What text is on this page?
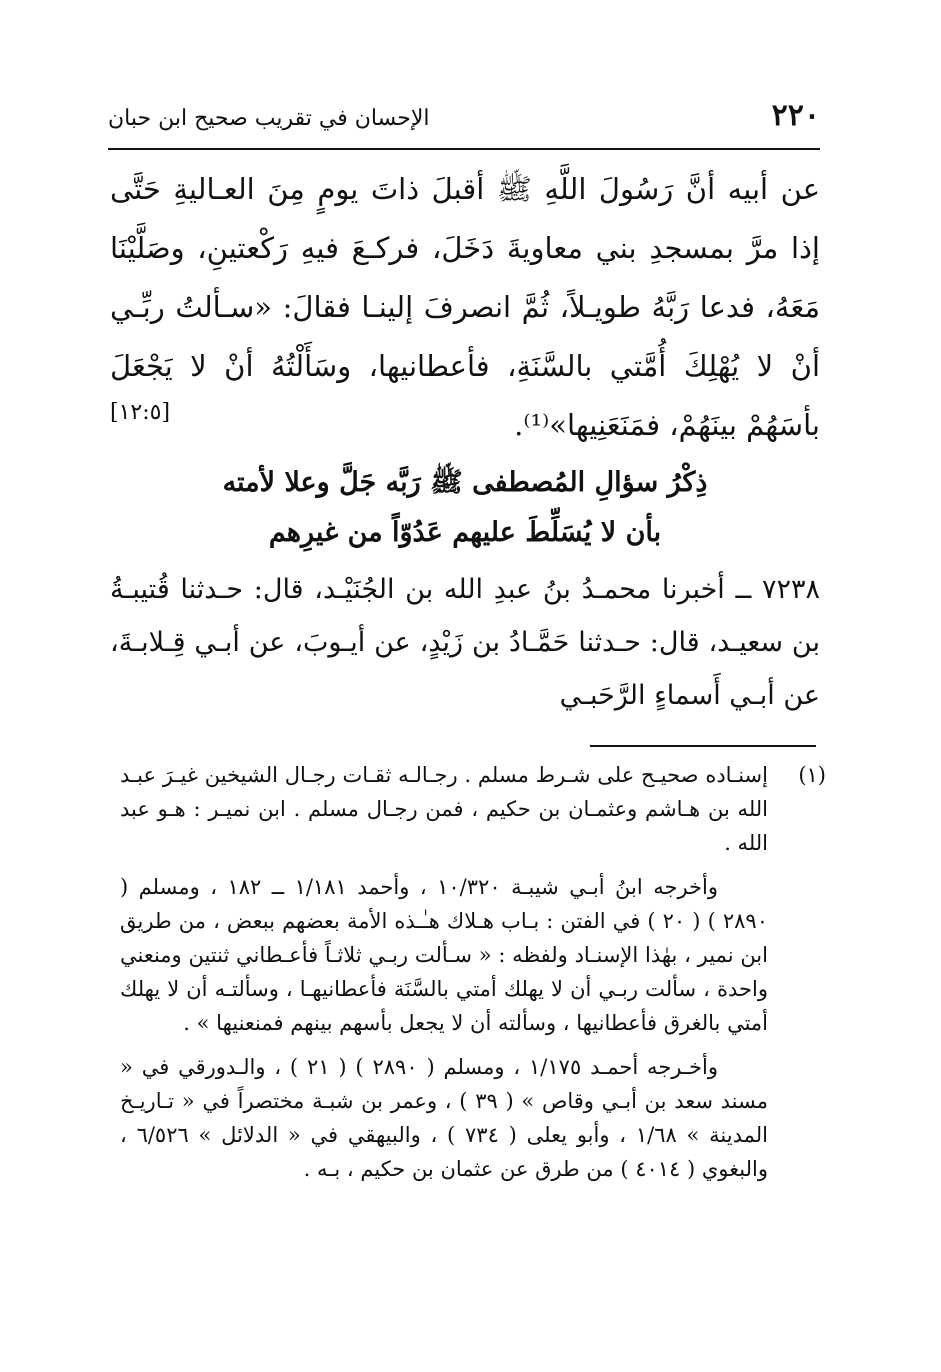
٢٢٠
الإحسان في تقريب صحيح ابن حبان
عن أبيه أنَّ رَسُولَ اللَّهِ ﷺ أقبلَ ذاتَ يومٍ مِنَ العـاليةِ حَتَّى إذا مرَّ بمسجدِ بني معاويةَ دَخَلَ، فركـعَ فيهِ رَكْعتينِ، وصَلَّيْنَا مَعَهُ، فدعا رَبَّهُ طويـلاً، ثُمَّ انصرفَ إلينـا فقالَ: «سـألتُ ربِّـي أنْ لا يُهْلِكَ أُمَّتي بالسَّنَةِ، فأعطانيها، وسَأَلْتُهُ أنْ لا يَجْعَلَ بأسَهُمْ بينَهُمْ، فمَنَعَنِيها»⁽¹⁾.
[١٢:٥]
ذِكْرُ سؤالِ المُصطفى ﷺ رَبَّه جَلَّ وعلا لأمته
بأن لا يُسَلِّطَ عليهم عَدُوّاً من غيرِهم
٧٢٣٨ ــ أخبرنا محمـدُ بنُ عبدِ الله بن الجُنَيْـد، قال: حـدثنا قُتيبـةُ بن سعيـد، قال: حـدثنا حَمَّـادُ بن زَيْدٍ، عن أيـوبَ، عن أبـي قِـلابـةَ، عن أبـي أَسماءٍ الرَّحَبـي
(١)
إسنـاده صحيـح على شـرط مسلم . رجـالـه ثقـات رجـال الشيخين غيـرَ عبـد الله بن هـاشم وعثمـان بن حكيم ، فمن رجـال مسلم . ابن نميـر : هـو عبد الله .
وأخرجه ابنُ أبـي شيبـة ١٠/٣٢٠ ، وأحمد ١/١٨١ ــ ١٨٢ ، ومسلم ( ٢٨٩٠ ) ( ٢٠ ) في الفتن : بـاب هـلاك هـٰـذه الأمة بعضهم ببعض ، من طريق ابن نمير ، بهٰذا الإسنـاد ولفظه : « سـألت ربـي ثلاثـاً فأعـطاني ثنتين ومنعني واحدة ، سألت ربـي أن لا يهلك أمتي بالسَّنَة فأعطانيهـا ، وسألتـه أن لا يهلك أمتي بالغرق فأعطانيها ، وسألته أن لا يجعل بأسهم بينهم فمنعنيها » .
وأخـرجه أحمـد ١/١٧٥ ، ومسلم ( ٢٨٩٠ ) ( ٢١ ) ، والـدورقي في « مسند سعد بن أبـي وقاص » ( ٣٩ ) ، وعمر بن شبـة مختصراً في « تـاريـخ المدينة » ١/٦٨ ، وأبو يعلى ( ٧٣٤ ) ، والبيهقي في « الدلائل » ٦/٥٢٦ ، والبغوي ( ٤٠١٤ ) من طرق عن عثمان بن حكيم ، بـه .
